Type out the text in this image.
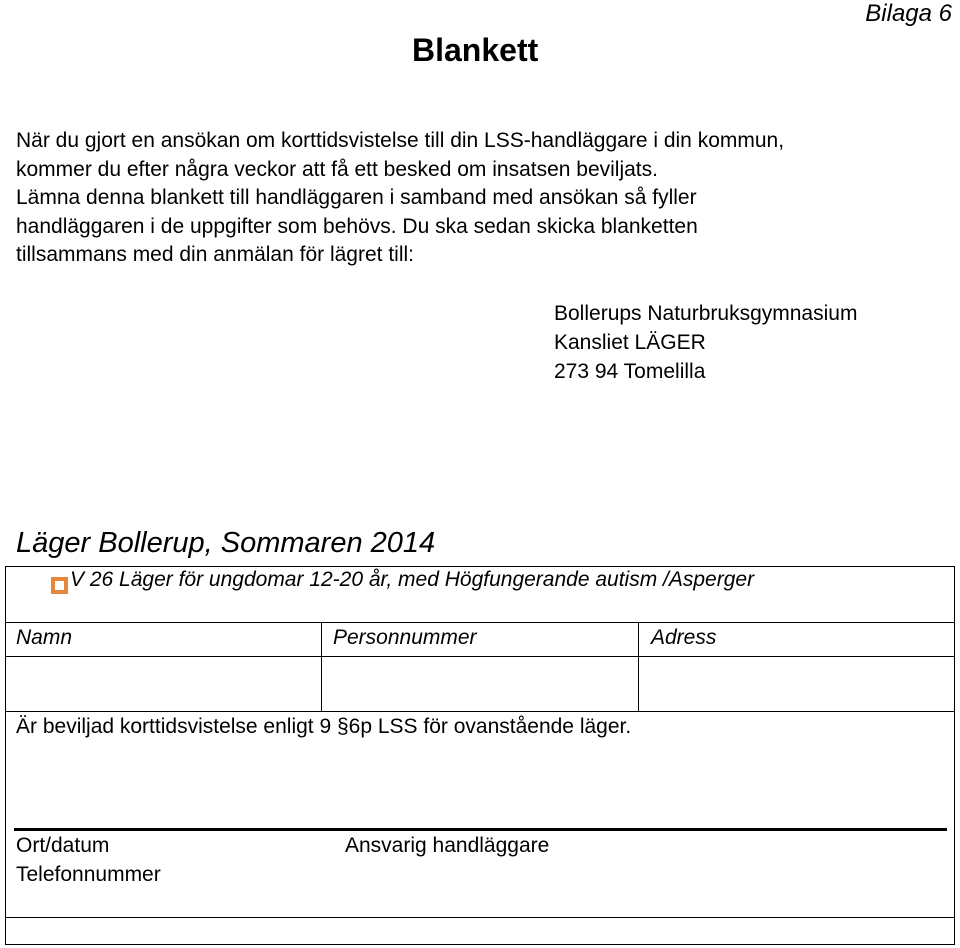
Bilaga 6
Blankett

När du gjort en ansökan om korttidsvistelse till din LSS-handläggare i din kommun,

kommer du efter några veckor att få ett besked om insatsen beviljats.

Lämna denna blankett till handläggaren i samband med ansökan så fyller

handläggaren i de uppgifter som behövs. Du ska sedan skicka blanketten

tillsammans med din anmälan för lägret till:

Bollerups Naturbruksgymnasium
Kansliet LÄGER
273 94 Tomelilla
Läger Bollerup, Sommaren 2014
V 26 Läger för ungdomar 12-20 år, med Högfungerande autism /Asperger
Namn	Personnummer	Adress
Är beviljad korttidsvistelse enligt 9 §6p LSS för ovanstående läger.
Ort/datum	Ansvarig handläggare
Telefonnummer
